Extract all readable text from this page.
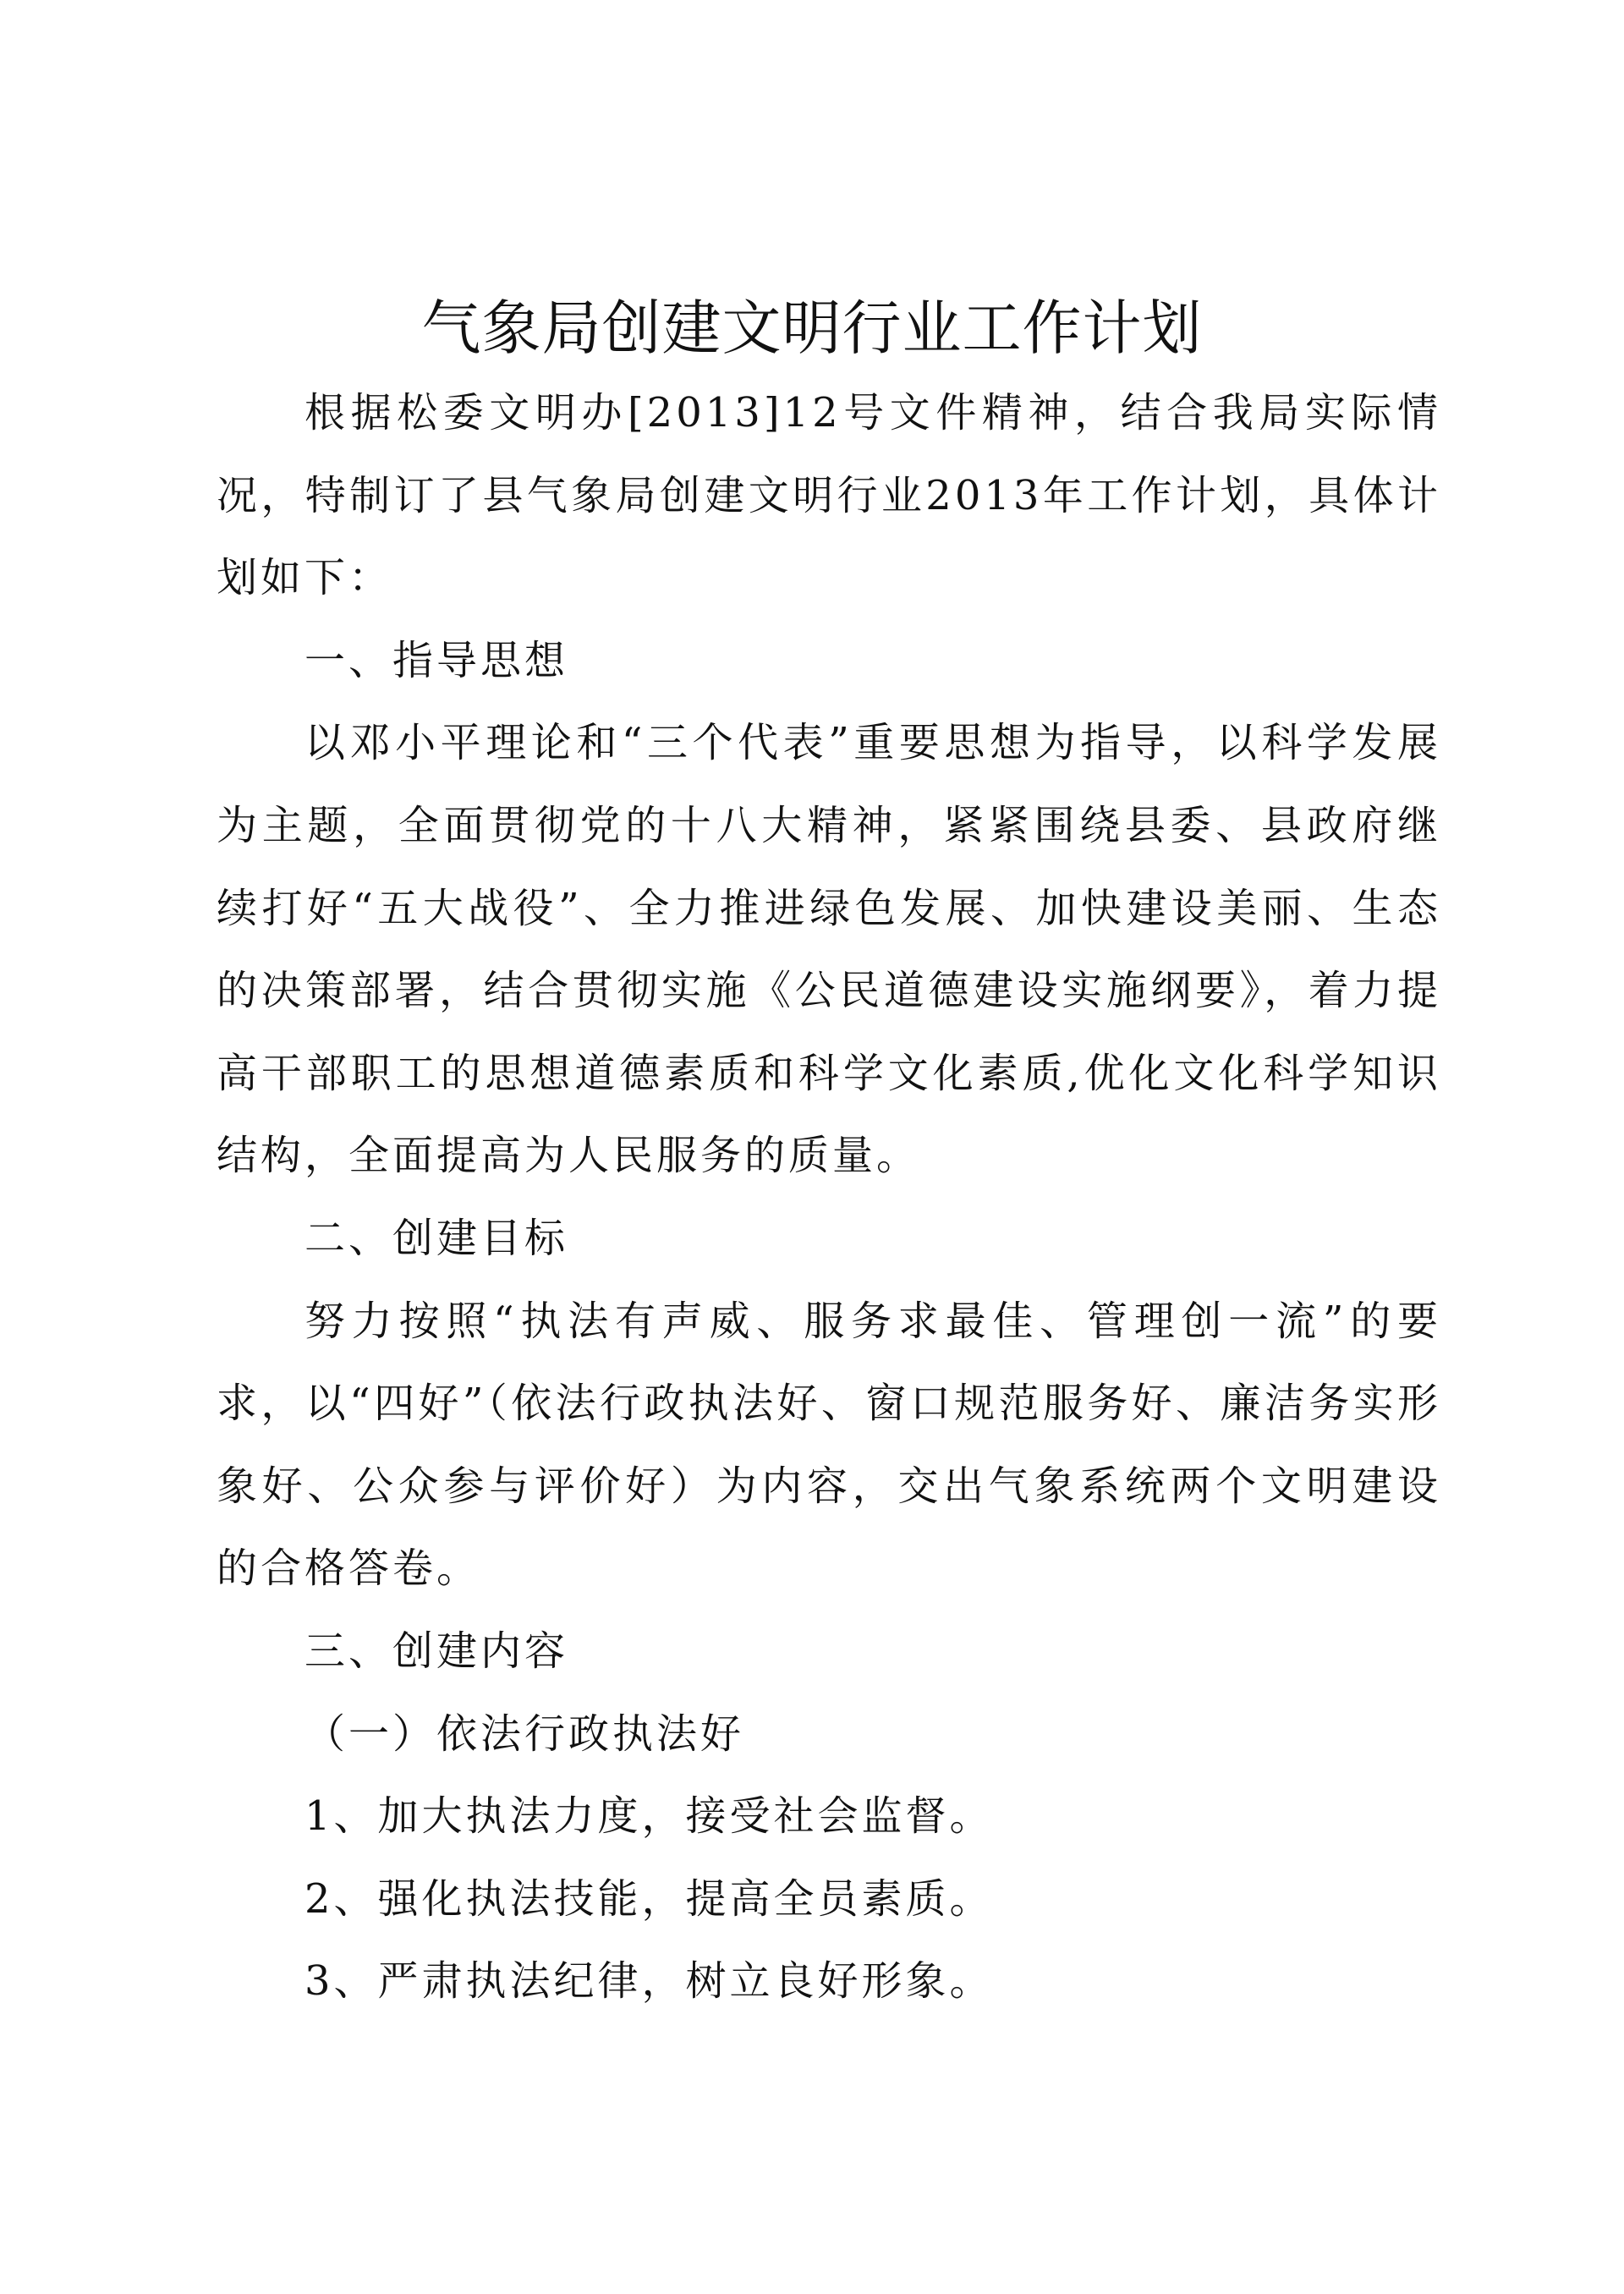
气象局创建文明行业工作计划

根据松委文明办[2013]12号文件精神，结合我局实际情况，特制订了县气象局创建文明行业2013年工作计划，具体计划如下：

一、指导思想

以邓小平理论和“三个代表”重要思想为指导，以科学发展为主题，全面贯彻党的十八大精神，紧紧围绕县委、县政府继续打好“五大战役”、全力推进绿色发展、加快建设美丽、生态的决策部署，结合贯彻实施《公民道德建设实施纲要》，着力提高干部职工的思想道德素质和科学文化素质,优化文化科学知识结构，全面提高为人民服务的质量。

二、创建目标

努力按照“执法有声威、服务求最佳、管理创一流”的要求，以“四好”（依法行政执法好、窗口规范服务好、廉洁务实形象好、公众参与评价好）为内容，交出气象系统两个文明建设的合格答卷。

三、创建内容

（一）依法行政执法好

1、加大执法力度，接受社会监督。

2、强化执法技能，提高全员素质。

3、严肃执法纪律，树立良好形象。
